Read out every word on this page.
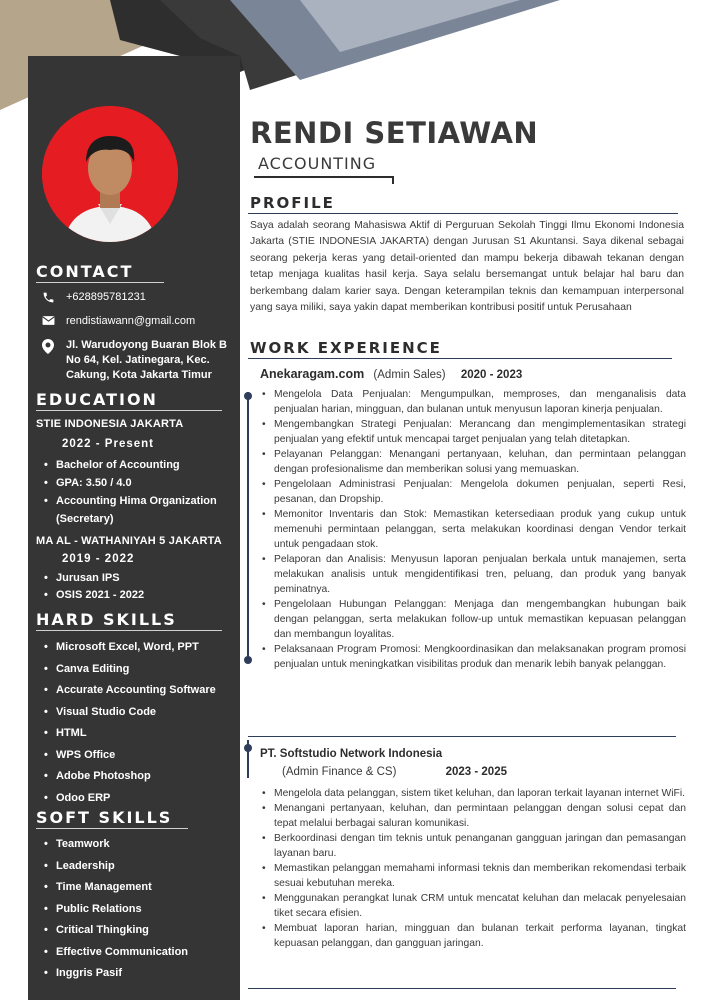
CONTACT
+628895781231
rendistiawann@gmail.com
Jl. Warudoyong Buaran Blok B No 64, Kel. Jatinegara, Kec. Cakung, Kota Jakarta Timur
EDUCATION
STIE INDONESIA JAKARTA
2022 - Present
• Bachelor of Accounting
• GPA: 3.50 / 4.0
• Accounting Hima Organization (Secretary)
MA AL - WATHANIYAH 5 JAKARTA
2019 - 2022
• Jurusan IPS
• OSIS 2021 - 2022
HARD SKILLS
• Microsoft Excel, Word, PPT
• Canva Editing
• Accurate Accounting Software
• Visual Studio Code
• HTML
• WPS Office
• Adobe Photoshop
• Odoo ERP
SOFT SKILLS
• Teamwork
• Leadership
• Time Management
• Public Relations
• Critical Thingking
• Effective Communication
• Inggris Pasif
RENDI SETIAWAN
ACCOUNTING
PROFILE
Saya adalah seorang Mahasiswa Aktif di Perguruan Sekolah Tinggi Ilmu Ekonomi Indonesia Jakarta (STIE INDONESIA JAKARTA) dengan Jurusan S1 Akuntansi. Saya dikenal sebagai seorang pekerja keras yang detail-oriented dan mampu bekerja dibawah tekanan dengan tetap menjaga kualitas hasil kerja. Saya selalu bersemangat untuk belajar hal baru dan berkembang dalam karier saya. Dengan keterampilan teknis dan kemampuan interpersonal yang saya miliki, saya yakin dapat memberikan kontribusi positif untuk Perusahaan
WORK EXPERIENCE
Anekaragam.com (Admin Sales) 2020 - 2023
• Mengelola Data Penjualan: Mengumpulkan, memproses, dan menganalisis data penjualan harian, mingguan, dan bulanan untuk menyusun laporan kinerja penjualan.
• Mengembangkan Strategi Penjualan: Merancang dan mengimplementasikan strategi penjualan yang efektif untuk mencapai target penjualan yang telah ditetapkan.
• Pelayanan Pelanggan: Menangani pertanyaan, keluhan, dan permintaan pelanggan dengan profesionalisme dan memberikan solusi yang memuaskan.
• Pengelolaan Administrasi Penjualan: Mengelola dokumen penjualan, seperti Resi, pesanan, dan Dropship.
• Memonitor Inventaris dan Stok: Memastikan ketersediaan produk yang cukup untuk memenuhi permintaan pelanggan, serta melakukan koordinasi dengan Vendor terkait untuk pengadaan stok.
• Pelaporan dan Analisis: Menyusun laporan penjualan berkala untuk manajemen, serta melakukan analisis untuk mengidentifikasi tren, peluang, dan produk yang banyak peminatnya.
• Pengelolaan Hubungan Pelanggan: Menjaga dan mengembangkan hubungan baik dengan pelanggan, serta melakukan follow-up untuk memastikan kepuasan pelanggan dan membangun loyalitas.
• Pelaksanaan Program Promosi: Mengkoordinasikan dan melaksanakan program promosi penjualan untuk meningkatkan visibilitas produk dan menarik lebih banyak pelanggan.
PT. Softstudio Network Indonesia
(Admin Finance & CS)	2023 - 2025
• Mengelola data pelanggan, sistem tiket keluhan, dan laporan terkait layanan internet WiFi.
• Menangani pertanyaan, keluhan, dan permintaan pelanggan dengan solusi cepat dan tepat melalui berbagai saluran komunikasi.
• Berkoordinasi dengan tim teknis untuk penanganan gangguan jaringan dan pemasangan layanan baru.
• Memastikan pelanggan memahami informasi teknis dan memberikan rekomendasi terbaik sesuai kebutuhan mereka.
• Menggunakan perangkat lunak CRM untuk mencatat keluhan dan melacak penyelesaian tiket secara efisien.
• Membuat laporan harian, mingguan dan bulanan terkait performa layanan, tingkat kepuasan pelanggan, dan gangguan jaringan.
